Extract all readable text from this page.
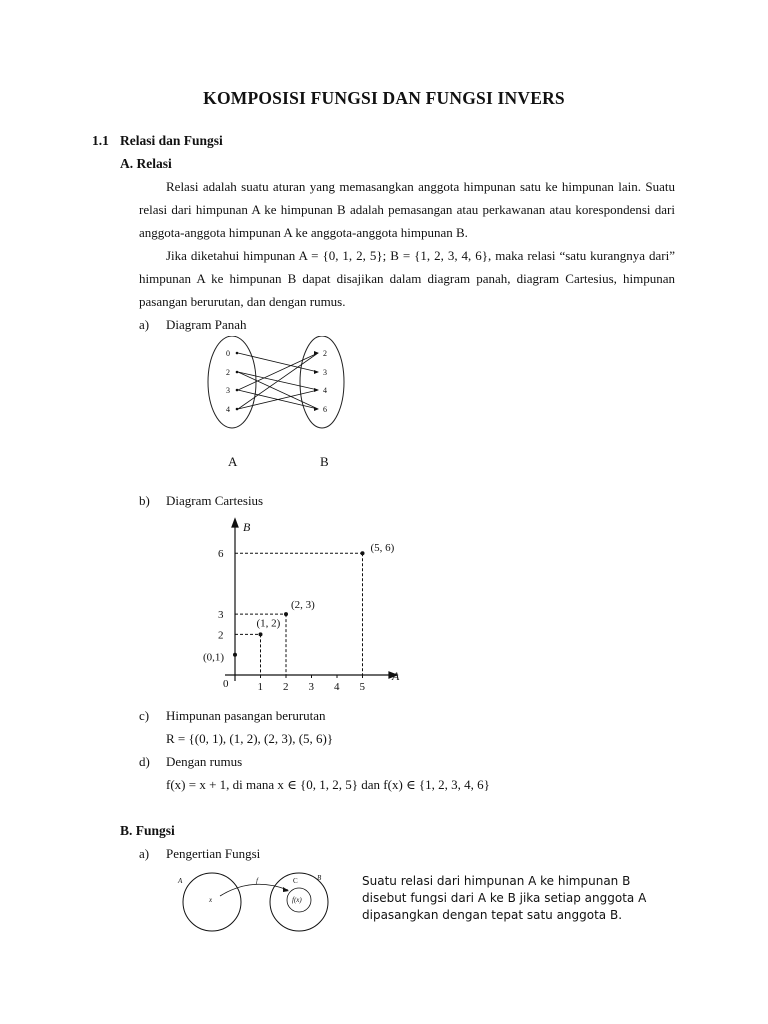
KOMPOSISI FUNGSI DAN FUNGSI INVERS
1.1 Relasi dan Fungsi
A. Relasi

Relasi adalah suatu aturan yang memasangkan anggota himpunan satu ke himpunan lain. Suatu relasi dari himpunan A ke himpunan B adalah pemasangan atau perkawanan atau korespondensi dari anggota-anggota himpunan A ke anggota-anggota himpunan B.

Jika diketahui himpunan A = {0, 1, 2, 5}; B = {1, 2, 3, 4, 6}, maka relasi “satu kurangnya dari” himpunan A ke himpunan B dapat disajikan dalam diagram panah, diagram Cartesius, himpunan pasangan berurutan, dan dengan rumus.

a) Diagram Panah
0
2
3
4
2
3
4
6
A	B
b) Diagram Cartesius
1 2 3 4 5
2
3
6
(0,1)
(1, 2)
(2, 3)
(5, 6)
B
A
0
c) Himpunan pasangan berurutan
R = {(0, 1), (1, 2), (2, 3), (5, 6)}
d) Dengan rumus
f(x) = x + 1, di mana x ∈ {0, 1, 2, 5} dan f(x) ∈ {1, 2, 3, 4, 6}
B. Fungsi
a) Pengertian Fungsi
A	B
f
x
C
f(x)
Suatu relasi dari himpunan A ke himpunan B disebut fungsi dari A ke B jika setiap anggota A dipasangkan dengan tepat satu anggota B.
